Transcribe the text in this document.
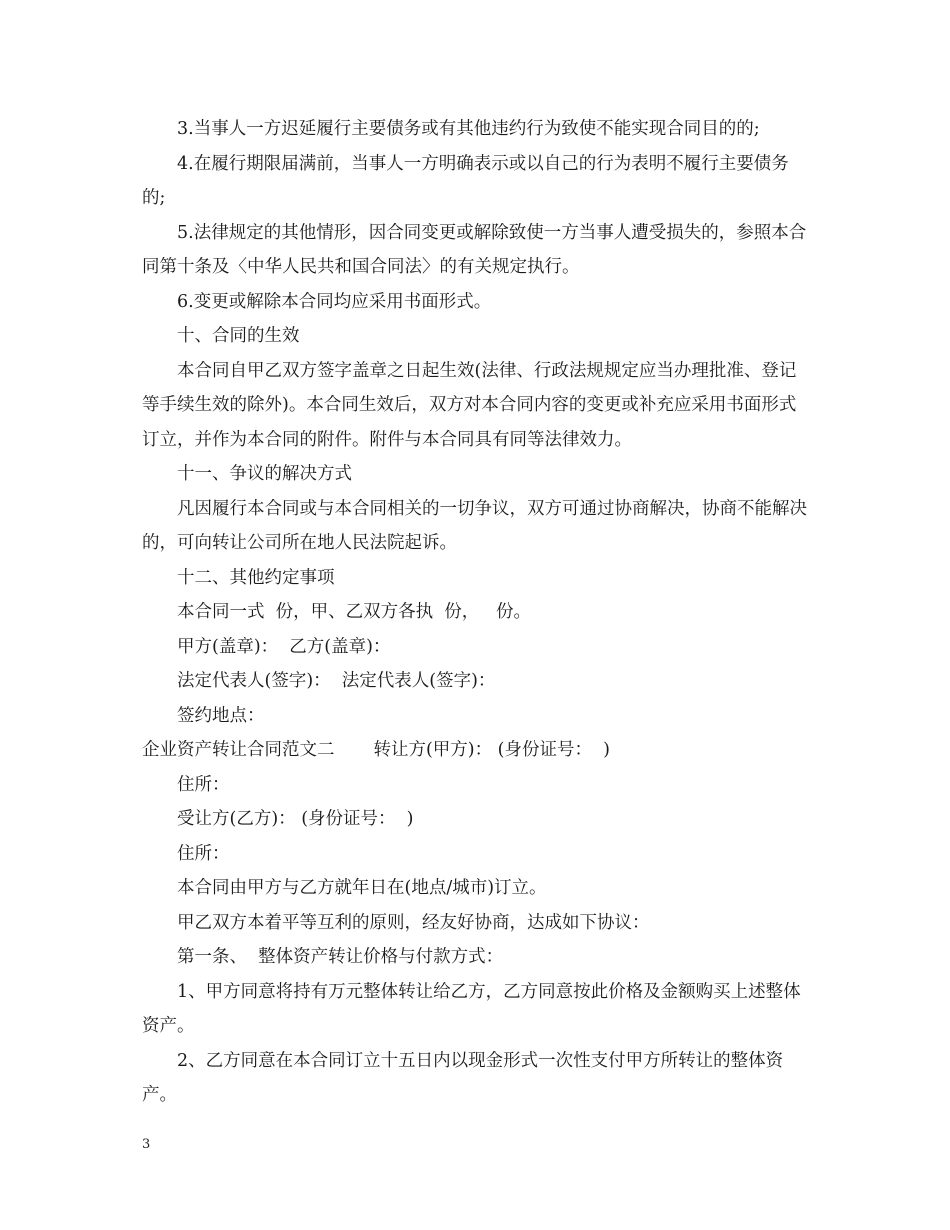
3.当事人一方迟延履行主要债务或有其他违约行为致使不能实现合同目的的;

4.在履行期限届满前，当事人一方明确表示或以自己的行为表明不履行主要债务的;

5.法律规定的其他情形，因合同变更或解除致使一方当事人遭受损失的，参照本合同第十条及〈中华人民共和国合同法〉的有关规定执行。

6.变更或解除本合同均应采用书面形式。

十、合同的生效

本合同自甲乙双方签字盖章之日起生效(法律、行政法规规定应当办理批准、登记等手续生效的除外)。本合同生效后，双方对本合同内容的变更或补充应采用书面形式订立，并作为本合同的附件。附件与本合同具有同等法律效力。

十一、争议的解决方式

凡因履行本合同或与本合同相关的一切争议，双方可通过协商解决，协商不能解决的，可向转让公司所在地人民法院起诉。

十二、其他约定事项

本合同一式  份，甲、乙双方各执  份，   份。

甲方(盖章)：  乙方(盖章)：

法定代表人(签字)：  法定代表人(签字)：

签约地点：

企业资产转让合同范文二       转让方(甲方)： (身份证号：  )

住所：

受让方(乙方)： (身份证号：  )

住所：

本合同由甲方与乙方就年日在(地点/城市)订立。

甲乙双方本着平等互利的原则，经友好协商，达成如下协议：

第一条、  整体资产转让价格与付款方式：

1、甲方同意将持有万元整体转让给乙方，乙方同意按此价格及金额购买上述整体资产。

2、乙方同意在本合同订立十五日内以现金形式一次性支付甲方所转让的整体资产。

3
